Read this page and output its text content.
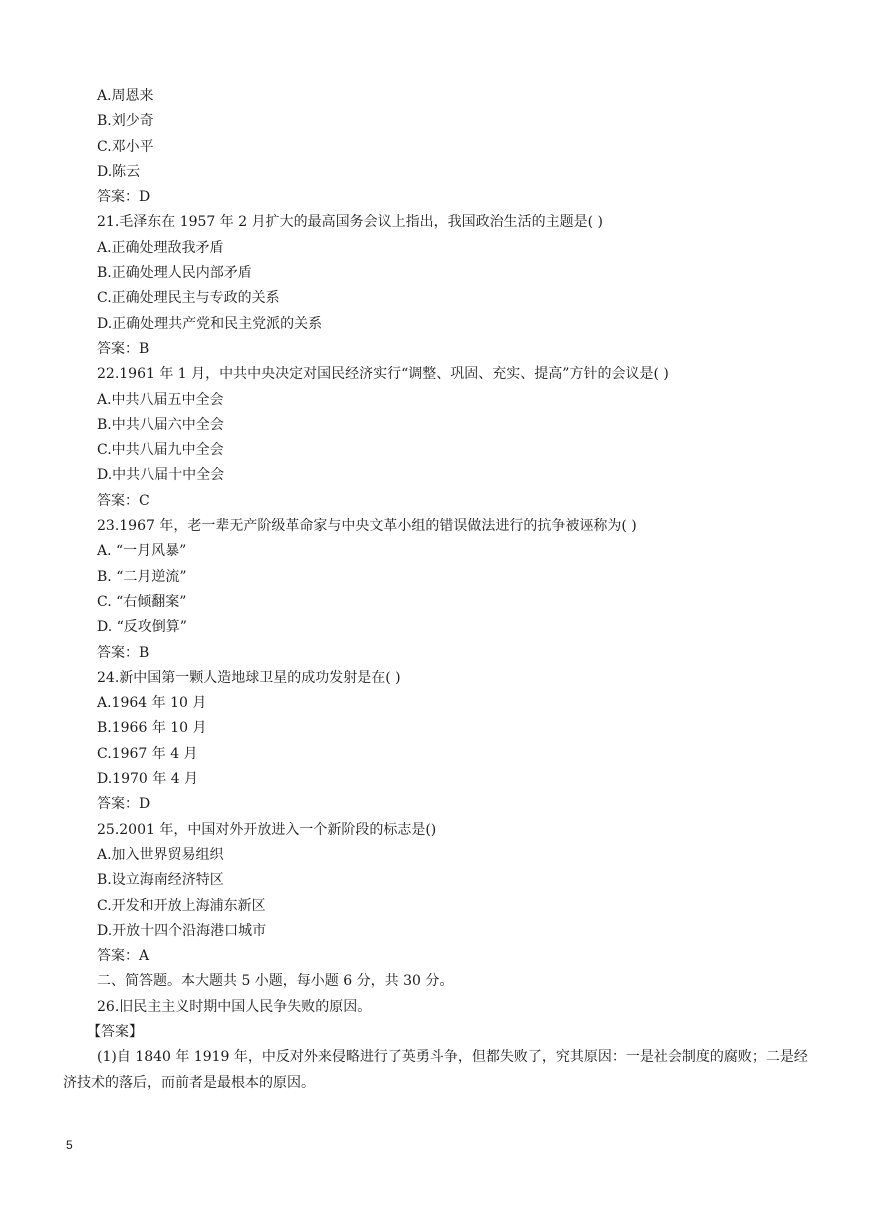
A.周恩来
B.刘少奇
C.邓小平
D.陈云
答案：D
21.毛泽东在 1957 年 2 月扩大的最高国务会议上指出，我国政治生活的主题是( )
A.正确处理敌我矛盾
B.正确处理人民内部矛盾
C.正确处理民主与专政的关系
D.正确处理共产党和民主党派的关系
答案：B
22.1961 年 1 月，中共中央决定对国民经济实行“调整、巩固、充实、提高”方针的会议是( )
A.中共八届五中全会
B.中共八届六中全会
C.中共八届九中全会
D.中共八届十中全会
答案：C
23.1967 年，老一辈无产阶级革命家与中央文革小组的错误做法进行的抗争被诬称为( )
A. “一月风暴”
B. “二月逆流”
C. “右倾翻案”
D. “反攻倒算”
答案：B
24.新中国第一颗人造地球卫星的成功发射是在( )
A.1964 年 10 月
B.1966 年 10 月
C.1967 年 4 月
D.1970 年 4 月
答案：D
25.2001 年，中国对外开放进入一个新阶段的标志是()
A.加入世界贸易组织
B.设立海南经济特区
C.开发和开放上海浦东新区
D.开放十四个沿海港口城市
答案：A
二、简答题。本大题共 5 小题，每小题 6 分，共 30 分。
26.旧民主主义时期中国人民争失败的原因。
【答案】
(1)自 1840 年 1919 年，中反对外来侵略进行了英勇斗争，但都失败了，究其原因：一是社会制度的腐败；二是经济技术的落后，而前者是最根本的原因。
5
